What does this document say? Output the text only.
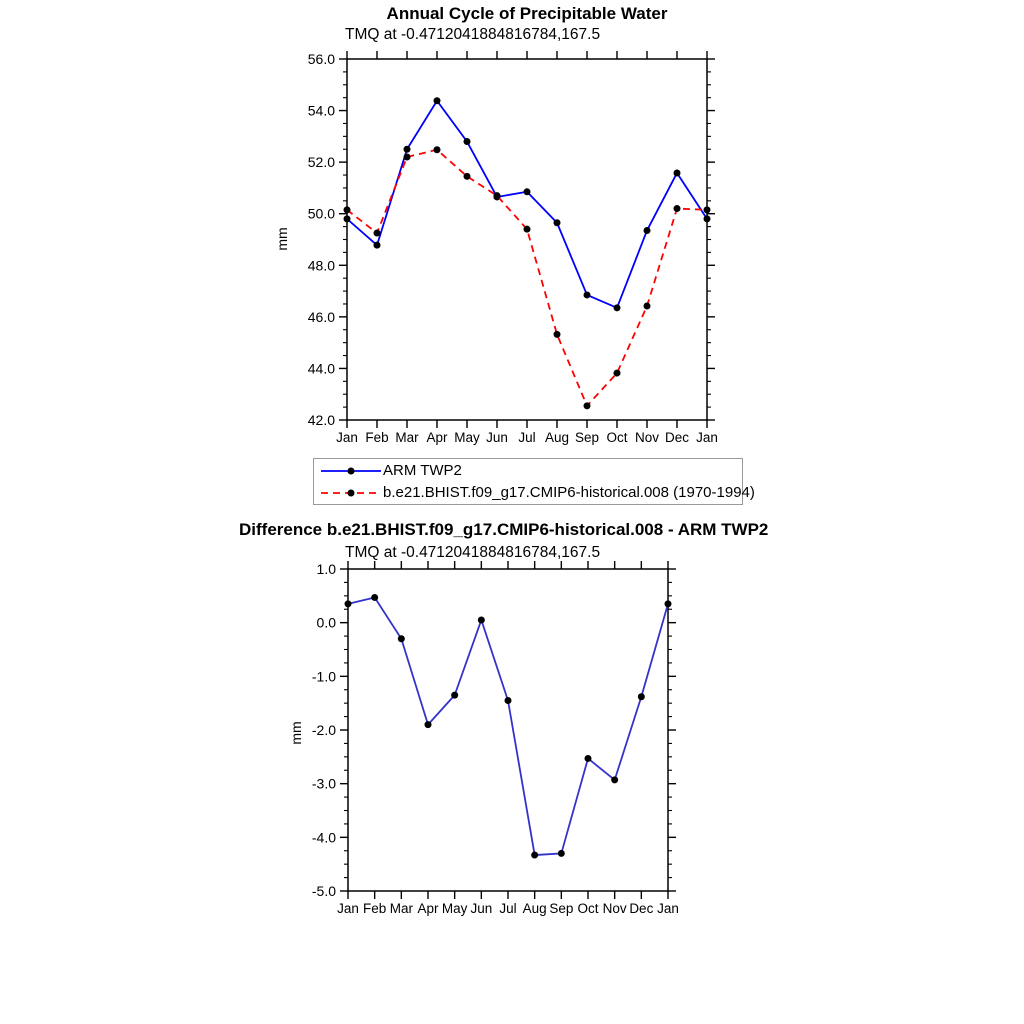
Jan Feb Mar Apr May Jun Jul Aug Sep Oct Nov Dec Jan
42.0
44.0
46.0
48.0
50.0
52.0
54.0
56.0
Jan Feb Mar Apr May Jun Jul Aug Sep Oct Nov Dec Jan
-5.0
-4.0
-3.0
-2.0
-1.0
0.0
1.0
Annual Cycle of Precipitable Water
TMQ at -0.4712041884816784,167.5
mm
ARM TWP2
b.e21.BHIST.f09_g17.CMIP6-historical.008 (1970-1994)
Difference b.e21.BHIST.f09_g17.CMIP6-historical.008 - ARM TWP2
TMQ at -0.4712041884816784,167.5
mm
